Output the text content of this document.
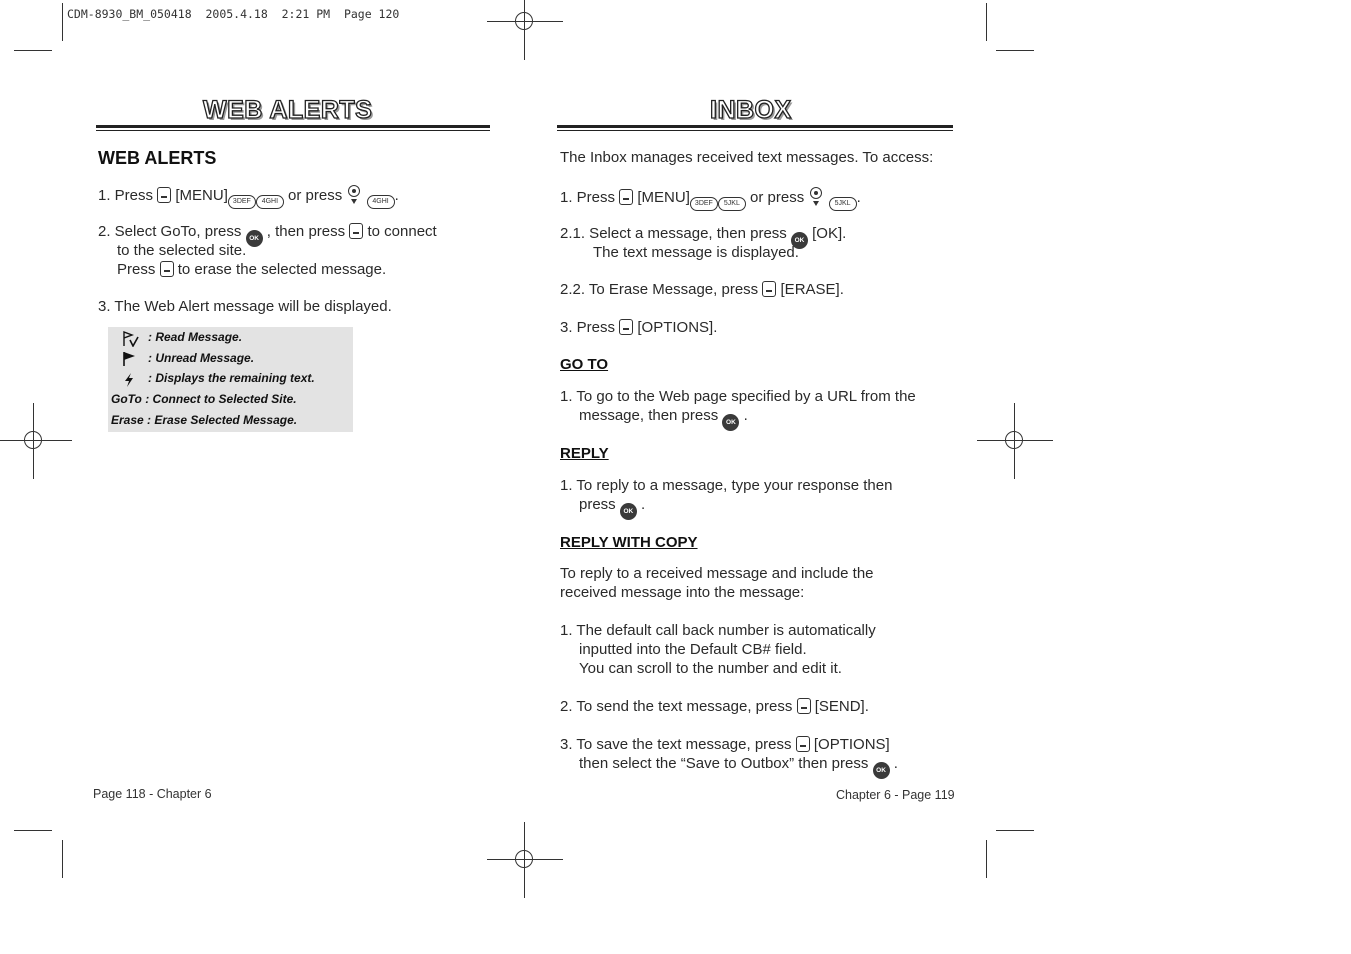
CDM-8930_BM_050418  2005.4.18  2:21 PM  Page 120
WEB ALERTS
WEB ALERTS
1. Press [MENU] 3DEF 4GHI or press	4GHI .
2. Select GoTo, press OK , then press to connect
to the selected site.
Press to erase the selected message.
3. The Web Alert message will be displayed.
: Read Message.
: Unread Message.
: Displays the remaining text.
GoTo : Connect to Selected Site.
Erase : Erase Selected Message.
Page 118 - Chapter 6
INBOX
The Inbox manages received text messages. To access:
1. Press [MENU] 3DEF 5JKL or press	5JKL .
2.1. Select a message, then press OK [OK].
The text message is displayed.
2.2. To Erase Message, press [ERASE].
3. Press [OPTIONS].
GO TO
1. To go to the Web page specified by a URL from the
message, then press OK .
REPLY
1. To reply to a message, type your response then
press OK .
REPLY WITH COPY
To reply to a received message and include the
received message into the message:
1. The default call back number is automatically
inputted into the Default CB# field.
You can scroll to the number and edit it.
2. To send the text message, press [SEND].
3. To save the text message, press [OPTIONS]
then select the “Save to Outbox” then press OK .
Chapter 6 - Page 119
